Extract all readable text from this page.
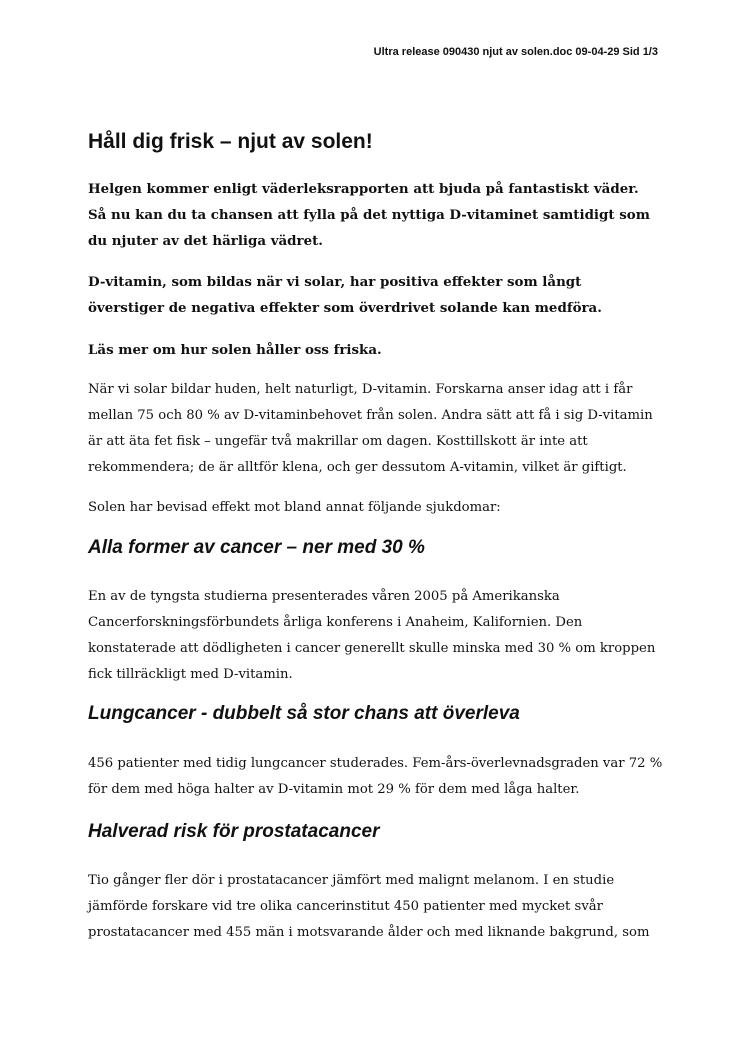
Ultra release 090430 njut av solen.doc 09-04-29 Sid 1/3
Håll dig frisk – njut av solen!

Helgen kommer enligt väderleksrapporten att bjuda på fantastiskt väder.
Så nu kan du ta chansen att fylla på det nyttiga D-vitaminet samtidigt som
du njuter av det härliga vädret.

D-vitamin, som bildas när vi solar, har positiva effekter som långt
överstiger de negativa effekter som överdrivet solande kan medföra.

Läs mer om hur solen håller oss friska.

När vi solar bildar huden, helt naturligt, D-vitamin. Forskarna anser idag att i får
mellan 75 och 80 % av D-vitaminbehovet från solen. Andra sätt att få i sig D-vitamin
är att äta fet fisk – ungefär två makrillar om dagen. Kosttillskott är inte att
rekommendera; de är alltför klena, och ger dessutom A-vitamin, vilket är giftigt.

Solen har bevisad effekt mot bland annat följande sjukdomar:

Alla former av cancer – ner med 30 %

En av de tyngsta studierna presenterades våren 2005 på Amerikanska
Cancerforskningsförbundets årliga konferens i Anaheim, Kalifornien. Den
konstaterade att dödligheten i cancer generellt skulle minska med 30 % om kroppen
fick tillräckligt med D-vitamin.

Lungcancer - dubbelt så stor chans att överleva

456 patienter med tidig lungcancer studerades. Fem-års-överlevnadsgraden var 72 %
för dem med höga halter av D-vitamin mot 29 % för dem med låga halter.

Halverad risk för prostatacancer

Tio gånger fler dör i prostatacancer jämfört med malignt melanom. I en studie
jämförde forskare vid tre olika cancerinstitut 450 patienter med mycket svår
prostatacancer med 455 män i motsvarande ålder och med liknande bakgrund, som
